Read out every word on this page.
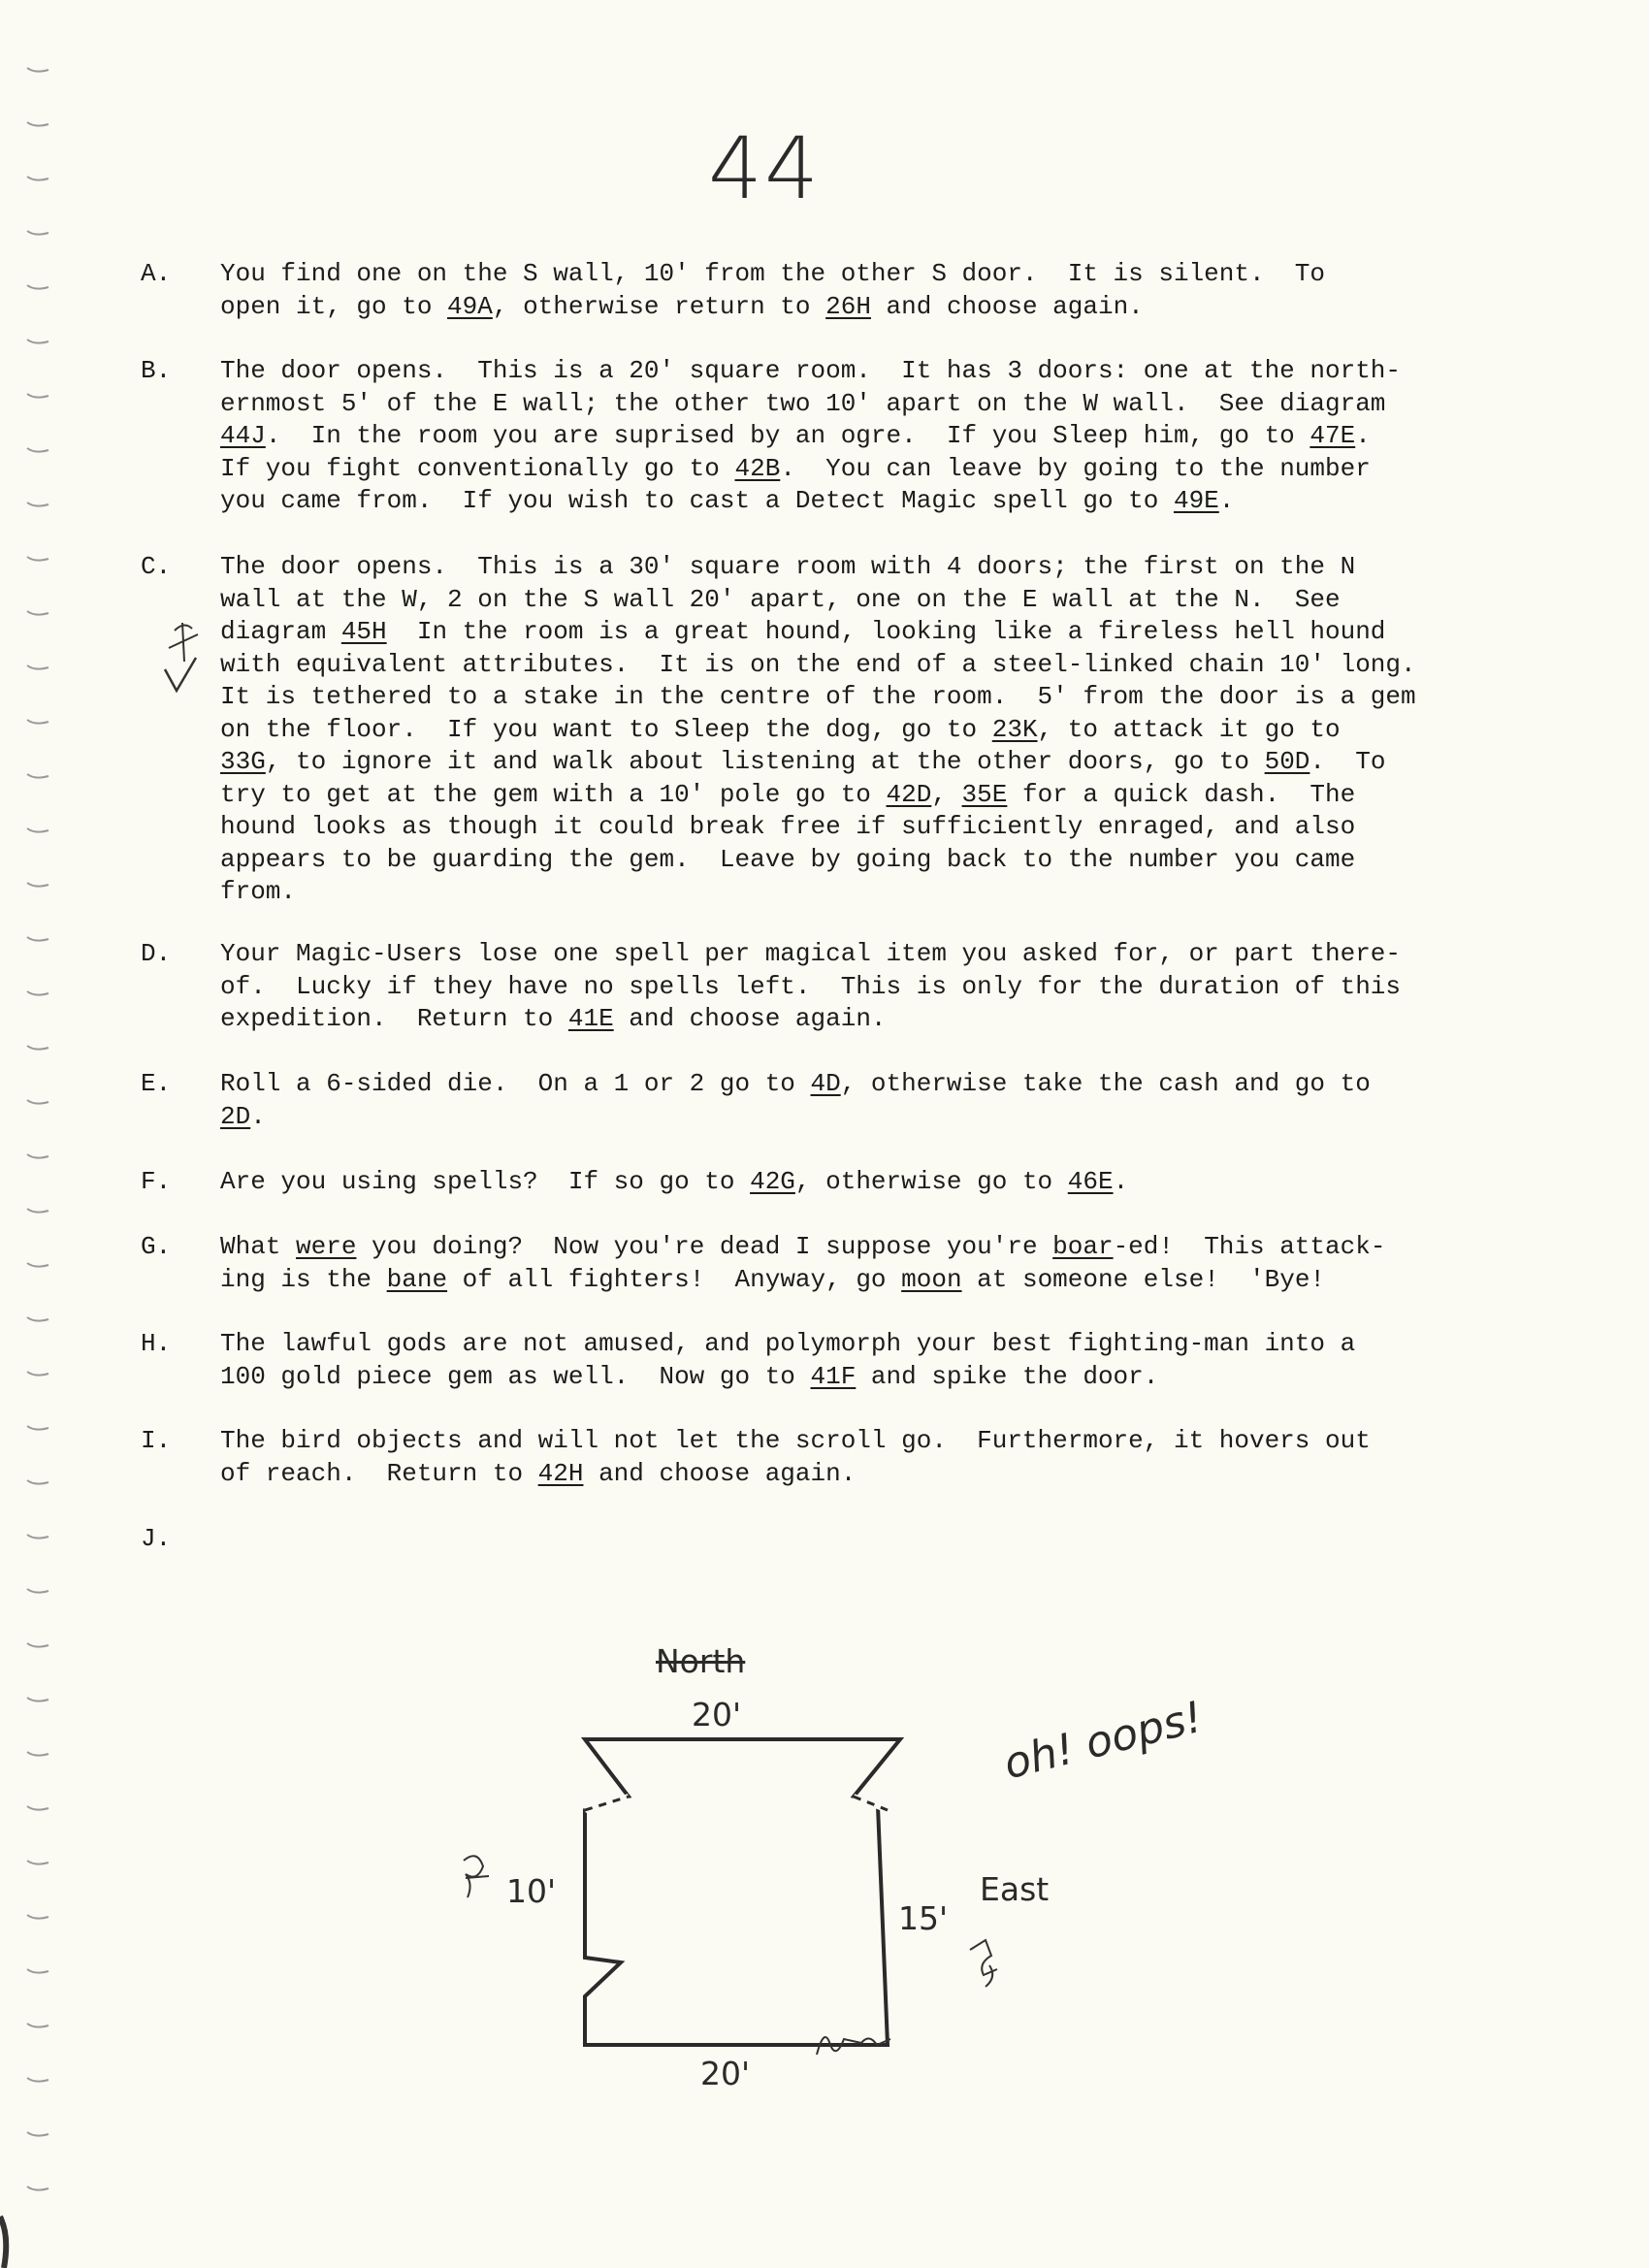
44
A. You find one on the S wall, 10' from the other S door.  It is silent.  To
open it, go to 49A, otherwise return to 26H and choose again.
B. The door opens.  This is a 20' square room.  It has 3 doors: one at the north-
ernmost 5' of the E wall; the other two 10' apart on the W wall.  See diagram
44J.  In the room you are suprised by an ogre.  If you Sleep him, go to 47E.
If you fight conventionally go to 42B.  You can leave by going to the number
you came from.  If you wish to cast a Detect Magic spell go to 49E.
C. The door opens.  This is a 30' square room with 4 doors; the first on the N
wall at the W, 2 on the S wall 20' apart, one on the E wall at the N.  See
diagram 45H  In the room is a great hound, looking like a fireless hell hound
with equivalent attributes.  It is on the end of a steel-linked chain 10' long.
It is tethered to a stake in the centre of the room.  5' from the door is a gem
on the floor.  If you want to Sleep the dog, go to 23K, to attack it go to
33G, to ignore it and walk about listening at the other doors, go to 50D.  To
try to get at the gem with a 10' pole go to 42D, 35E for a quick dash.  The
hound looks as though it could break free if sufficiently enraged, and also
appears to be guarding the gem.  Leave by going back to the number you came
from.
D. Your Magic-Users lose one spell per magical item you asked for, or part there-
of.  Lucky if they have no spells left.  This is only for the duration of this
expedition.  Return to 41E and choose again.
E. Roll a 6-sided die.  On a 1 or 2 go to 4D, otherwise take the cash and go to
2D.
F. Are you using spells?  If so go to 42G, otherwise go to 46E.
G. What were you doing?  Now you're dead I suppose you're boar-ed!  This attack-
ing is the bane of all fighters!  Anyway, go moon at someone else!  'Bye!
H. The lawful gods are not amused, and polymorph your best fighting-man into a
100 gold piece gem as well.  Now go to 41F and spike the door.
I. The bird objects and will not let the scroll go.  Furthermore, it hovers out
of reach.  Return to 42H and choose again.
J.
North
20'
10'
15'
East
20'
oh! oops!
